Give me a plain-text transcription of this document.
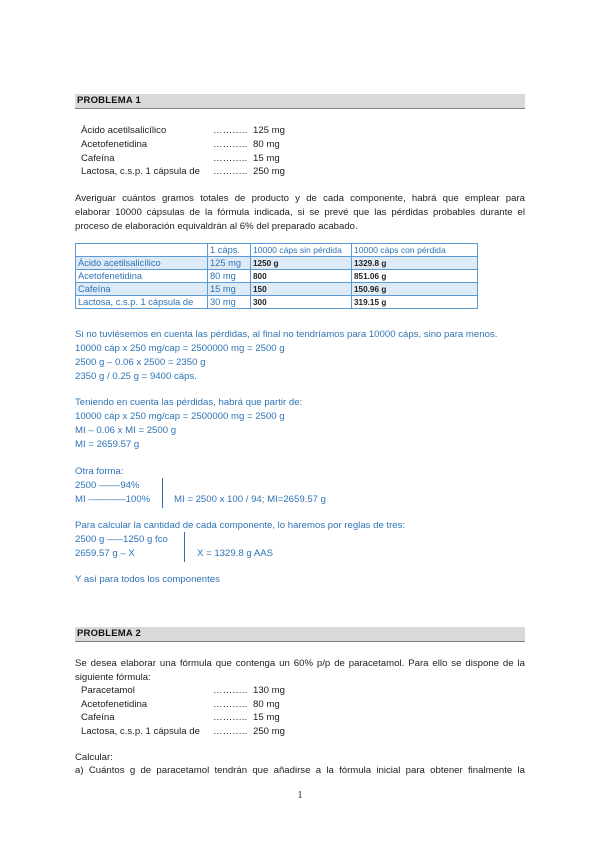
PROBLEMA 1
Ácido acetilsalicílico	……….. 125 mg
Acetofenetidina	……….. 80 mg
Cafeína	……….. 15 mg
Lactosa, c.s.p. 1 cápsula de ……….. 250 mg
Averiguar cuántos gramos totales de producto y de cada componente, habrá que emplear para
elaborar 10000 cápsulas de la fórmula indicada, si se prevé que las pérdidas probables durante el
proceso de elaboración equivaldrán al 6% del preparado acabado.
	1 cáps.	10000 cáps sin pérdida	10000 cáps con pérdida
Ácido acetilsalicílico	125 mg	1250 g	1329.8 g
Acetofenetidina	80 mg	800	851.06 g
Cafeína	15 mg	150	150.96 g
Lactosa, c.s.p. 1 cápsula de	30 mg	300	319.15 g
Si no tuviésemos en cuenta las pérdidas, al final no tendríamos para 10000 cáps, sino para menos.
10000 cáp x 250 mg/cap = 2500000 mg = 2500 g
2500 g – 0.06 x 2500 = 2350 g
2350 g / 0.25 g = 9400 cáps.
Teniendo en cuenta las pérdidas, habrá que partir de:
10000 cáp x 250 mg/cap = 2500000 mg = 2500 g
MI – 0.06 x MI = 2500 g
MI = 2659.57 g
Otra forma:
2500 ––––94%
MI –––––––100% MI = 2500 x 100 / 94; MI=2659.57 g
Para calcular la cantidad de cada componente, lo haremos por reglas de tres:
2500 g –––1250 g fco
2659.57 g – X	X = 1329.8 g AAS
Y así para todos los componentes
PROBLEMA 2
Se desea elaborar una fórmula que contenga un 60% p/p de paracetamol. Para ello se dispone de la
siguiente fórmula:
Paracetamol	……….. 130 mg
Acetofenetidina	……….. 80 mg
Cafeína	……….. 15 mg
Lactosa, c.s.p. 1 cápsula de ……….. 250 mg
Calcular:
a) Cuántos g de paracetamol tendrán que añadirse a la fórmula inicial para obtener finalmente la
1
